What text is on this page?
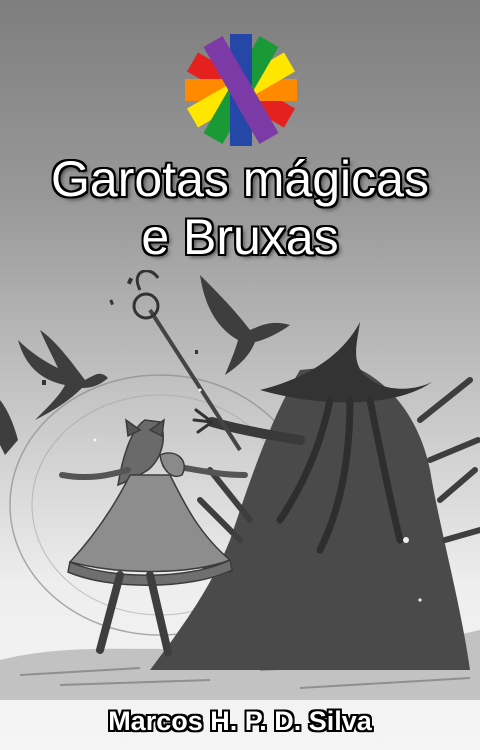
Garotas mágicas
e Bruxas
Marcos H. P. D. Silva
